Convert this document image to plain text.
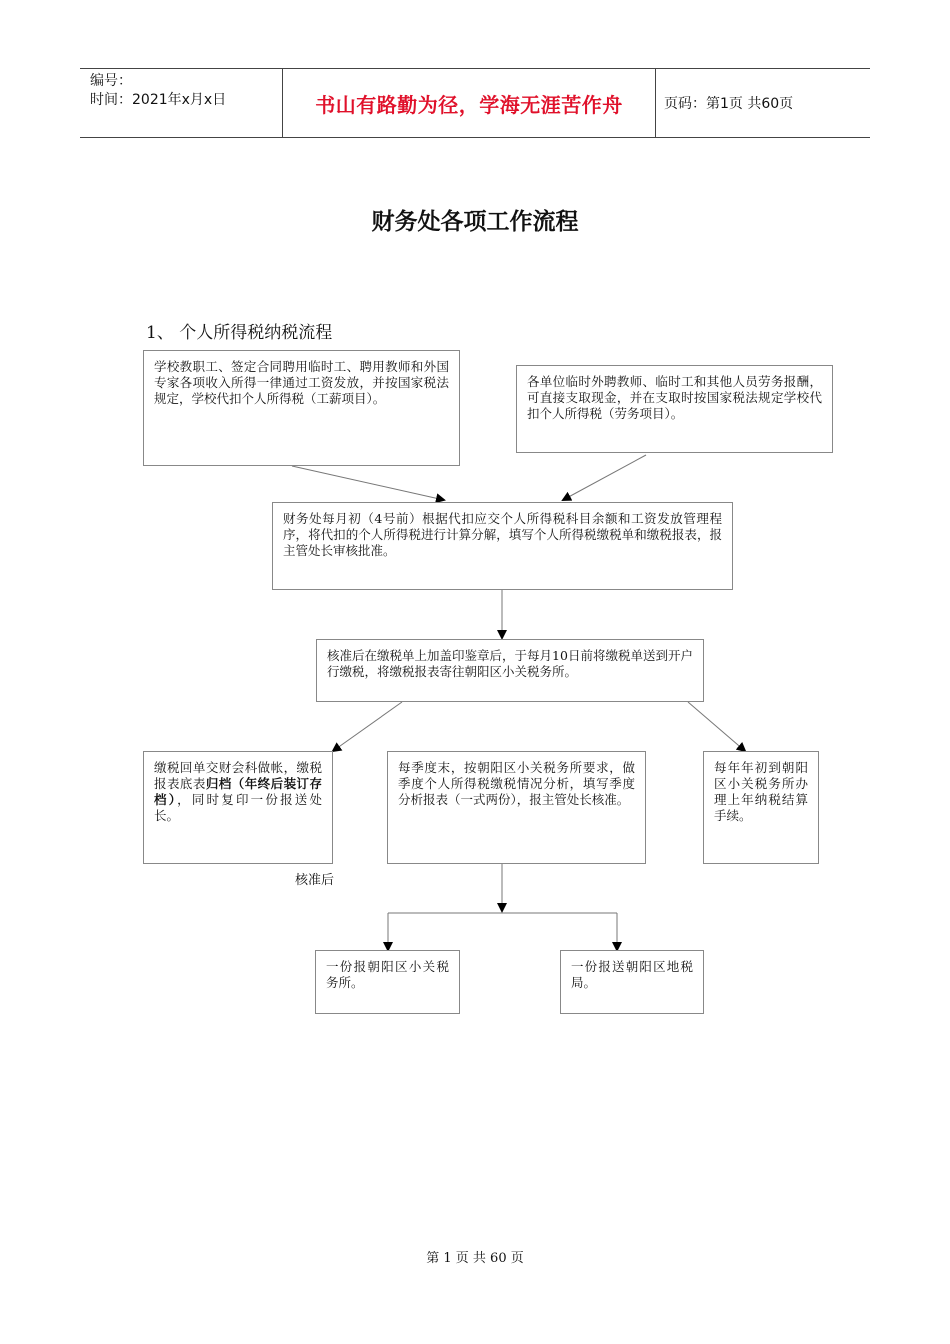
编号：
时间：2021年x月x日	书山有路勤为径，学海无涯苦作舟	页码：第1页 共60页
财务处各项工作流程
1、 个人所得税纳税流程
学校教职工、签定合同聘用临时工、聘用教师和外国专家各项收入所得一律通过工资发放，并按国家税法规定，学校代扣个人所得税（工薪项目）。
各单位临时外聘教师、临时工和其他人员劳务报酬，可直接支取现金，并在支取时按国家税法规定学校代扣个人所得税（劳务项目）。
财务处每月初（4号前）根据代扣应交个人所得税科目余额和工资发放管理程序，将代扣的个人所得税进行计算分解，填写个人所得税缴税单和缴税报表，报主管处长审核批准。
核准后在缴税单上加盖印鉴章后，于每月10日前将缴税单送到开户行缴税，将缴税报表寄往朝阳区小关税务所。
缴税回单交财会科做帐，缴税报表底表归档（年终后装订存档），同时复印一份报送处长。
每季度末，按朝阳区小关税务所要求，做季度个人所得税缴税情况分析，填写季度分析报表（一式两份），报主管处长核准。
每年年初到朝阳区小关税务所办理上年纳税结算手续。
核准后
一份报朝阳区小关税务所。
一份报送朝阳区地税局。
第 1 页 共 60 页
